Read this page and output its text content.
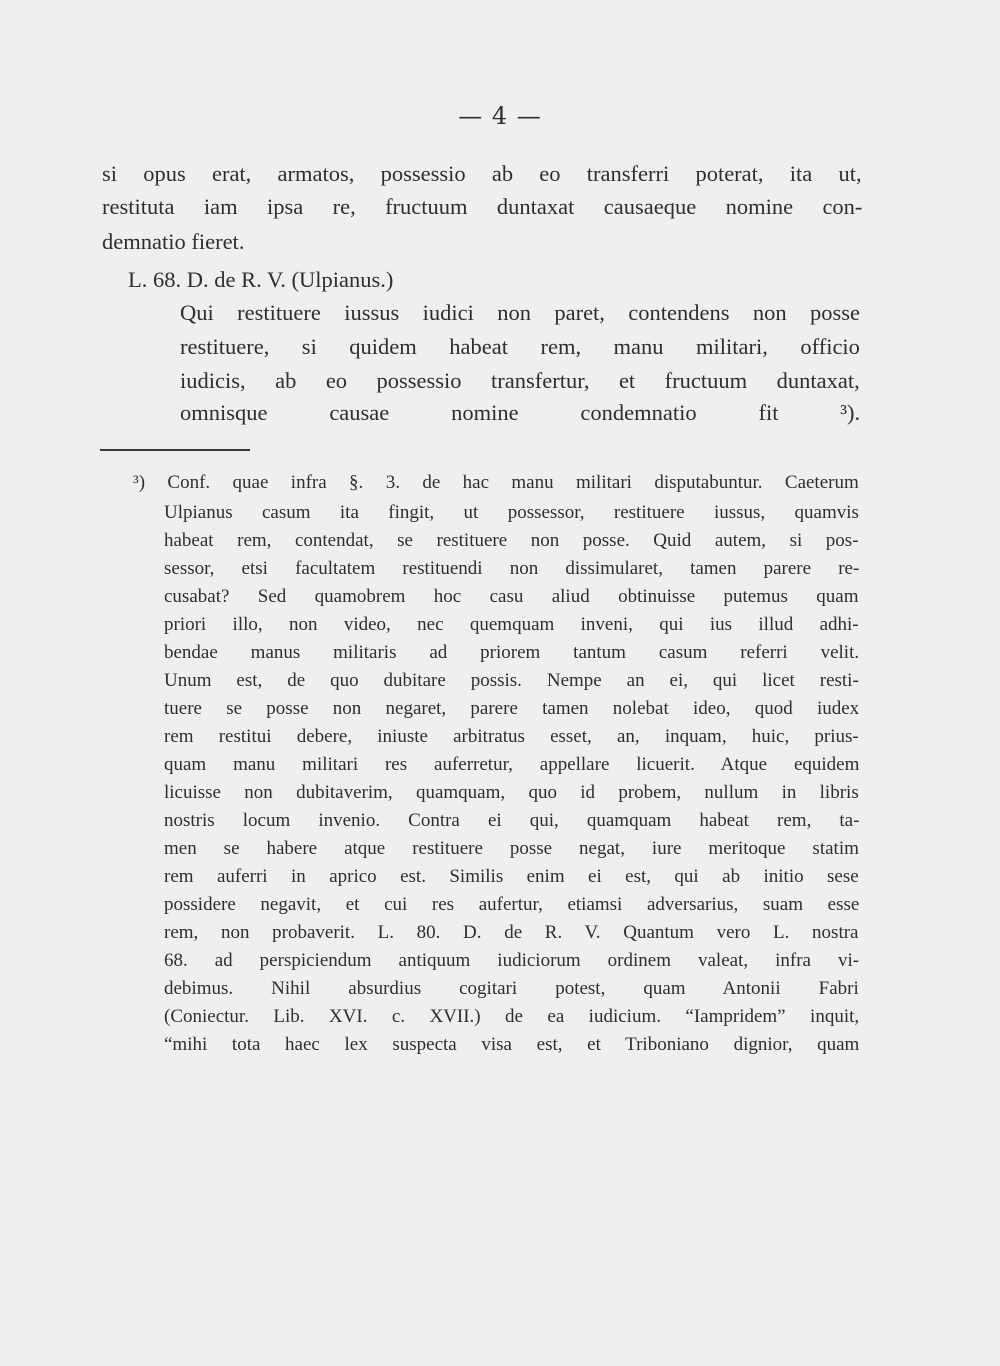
— 4 —
si opus erat, armatos, possessio ab eo transferri poterat, ita ut,
restituta iam ipsa re, fructuum duntaxat causaeque nomine con-
demnatio fieret.
L. 68. D. de R. V. (Ulpianus.)
Qui restituere iussus iudici non paret, contendens non posse
restituere, si quidem habeat rem, manu militari, officio
iudicis, ab eo possessio transfertur, et fructuum duntaxat,
omnisque causae nomine condemnatio fit ³).
³) Conf. quae infra §. 3. de hac manu militari disputabuntur. Caeterum
Ulpianus casum ita fingit, ut possessor, restituere iussus, quamvis
habeat rem, contendat, se restituere non posse. Quid autem, si pos-
sessor, etsi facultatem restituendi non dissimularet, tamen parere re-
cusabat? Sed quamobrem hoc casu aliud obtinuisse putemus quam
priori illo, non video, nec quemquam inveni, qui ius illud adhi-
bendae manus militaris ad priorem tantum casum referri velit.
Unum est, de quo dubitare possis. Nempe an ei, qui licet resti-
tuere se posse non negaret, parere tamen nolebat ideo, quod iudex
rem restitui debere, iniuste arbitratus esset, an, inquam, huic, prius-
quam manu militari res auferretur, appellare licuerit. Atque equidem
licuisse non dubitaverim, quamquam, quo id probem, nullum in libris
nostris locum invenio. Contra ei qui, quamquam habeat rem, ta-
men se habere atque restituere posse negat, iure meritoque statim
rem auferri in aprico est. Similis enim ei est, qui ab initio sese
possidere negavit, et cui res aufertur, etiamsi adversarius, suam esse
rem, non probaverit. L. 80. D. de R. V. Quantum vero L. nostra
68. ad perspiciendum antiquum iudiciorum ordinem valeat, infra vi-
debimus. Nihil absurdius cogitari potest, quam Antonii Fabri
(Coniectur. Lib. XVI. c. XVII.) de ea iudicium. “Iampridem” inquit,
“mihi tota haec lex suspecta visa est, et Triboniano dignior, quam
